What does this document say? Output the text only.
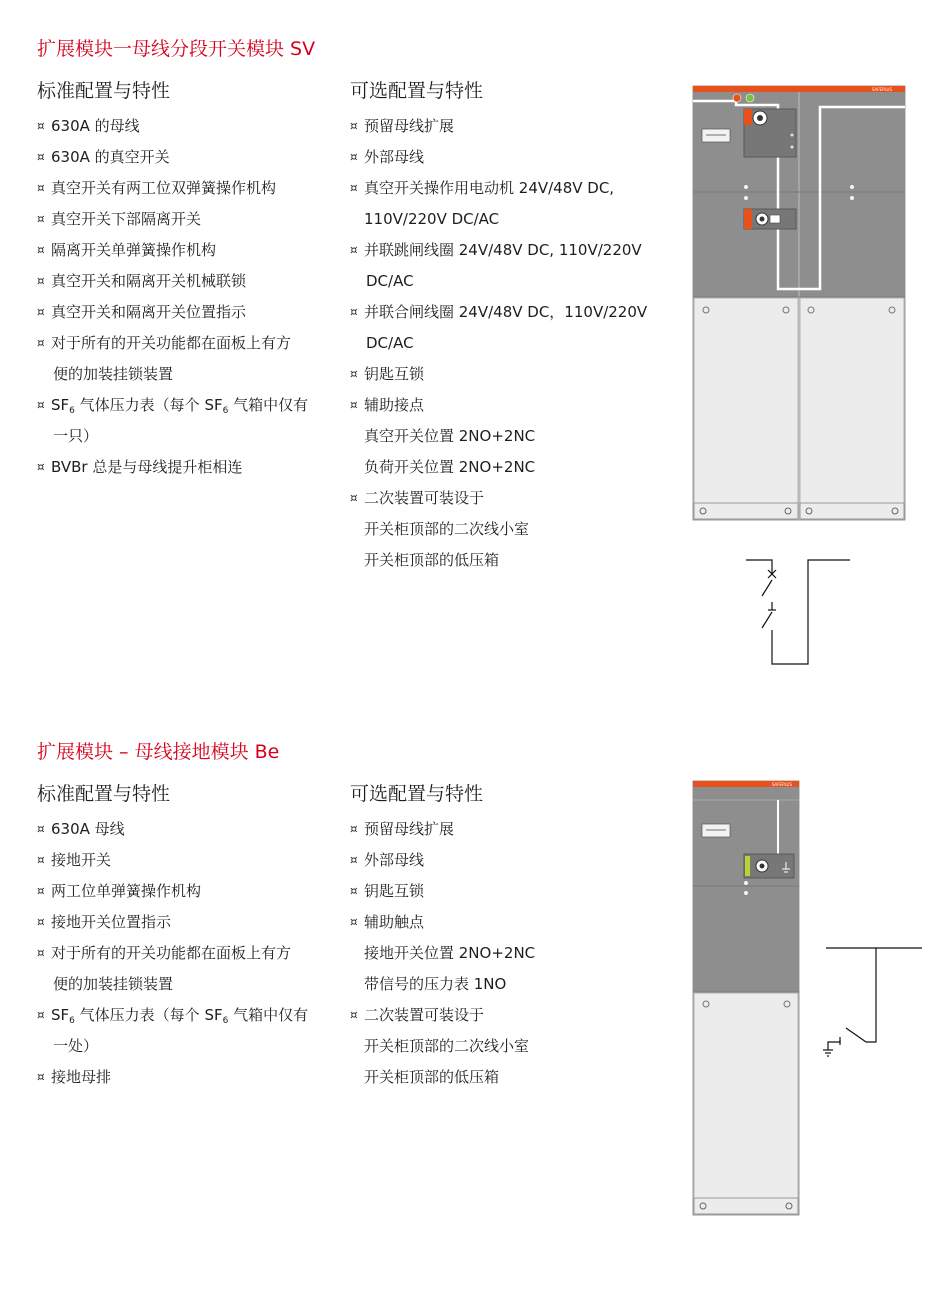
扩展模块一母线分段开关模块 SV
标准配置与特性	可选配置与特性
¤ 630A 的母线
¤ 630A 的真空开关
¤ 真空开关有两工位双弹簧操作机构
¤ 真空开关下部隔离开关
¤ 隔离开关单弹簧操作机构
¤ 真空开关和隔离开关机械联锁
¤ 真空开关和隔离开关位置指示
¤ 对于所有的开关功能都在面板上有方
便的加装挂锁装置
¤ $SF_6$ 气体压力表（每个 $SF_6$ 气箱中仅有
一只）
¤ BVBr 总是与母线提升柜相连
¤ 预留母线扩展
¤ 外部母线
¤ 真空开关操作用电动机 24V/48V DC,
110V/220V DC/AC
¤ 并联跳闸线圈 24V/48V DC, 110V/220V
DC/AC
¤ 并联合闸线圈 24V/48V DC，110V/220V
DC/AC
¤ 钥匙互锁
¤ 辅助接点
真空开关位置 2NO+2NC
负荷开关位置 2NO+2NC
¤ 二次装置可装设于
开关柜顶部的二次线小室
开关柜顶部的低压箱
SAFEPLUS
扩展模块 – 母线接地模块 Be
标准配置与特性	可选配置与特性
¤ 630A 母线
¤ 接地开关
¤ 两工位单弹簧操作机构
¤ 接地开关位置指示
¤ 对于所有的开关功能都在面板上有方
便的加装挂锁装置
¤ $SF_6$ 气体压力表（每个 $SF_6$ 气箱中仅有
一处）
¤ 接地母排
¤ 预留母线扩展
¤ 外部母线
¤ 钥匙互锁
¤ 辅助触点
接地开关位置 2NO+2NC
带信号的压力表 1NO
¤ 二次装置可装设于
开关柜顶部的二次线小室
开关柜顶部的低压箱
SAFEPLUS
